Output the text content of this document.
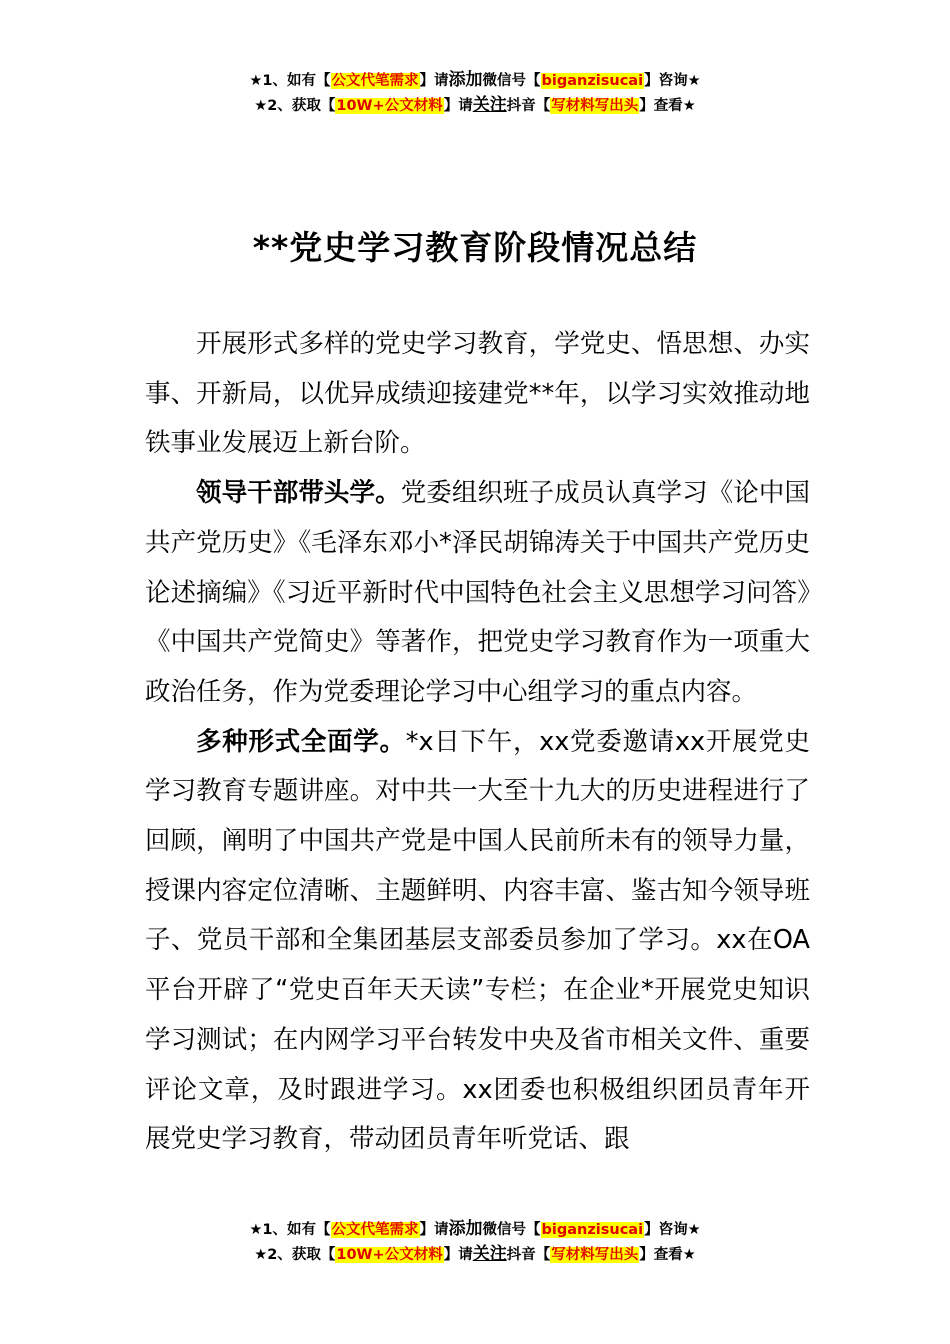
★1、如有【公文代笔需求】请添加微信号【biganzisucai】咨询★
★2、获取【10W+公文材料】请关注抖音【写材料写出头】查看★
**党史学习教育阶段情况总结

开展形式多样的党史学习教育，学党史、悟思想、办实事、开新局，以优异成绩迎接建党**年，以学习实效推动地铁事业发展迈上新台阶。

领导干部带头学。党委组织班子成员认真学习《论中国共产党历史》《毛泽东邓小*泽民胡锦涛关于中国共产党历史论述摘编》《习近平新时代中国特色社会主义思想学习问答》《中国共产党简史》等著作，把党史学习教育作为一项重大政治任务，作为党委理论学习中心组学习的重点内容。

多种形式全面学。*x日下午，xx党委邀请xx开展党史学习教育专题讲座。对中共一大至十九大的历史进程进行了回顾，阐明了中国共产党是中国人民前所未有的领导力量，授课内容定位清晰、主题鲜明、内容丰富、鉴古知今领导班子、党员干部和全集团基层支部委员参加了学习。xx在OA平台开辟了“党史百年天天读”专栏；在企业*开展党史知识学习测试；在内网学习平台转发中央及省市相关文件、重要评论文章，及时跟进学习。xx团委也积极组织团员青年开展党史学习教育，带动团员青年听党话、跟

★1、如有【公文代笔需求】请添加微信号【biganzisucai】咨询★
★2、获取【10W+公文材料】请关注抖音【写材料写出头】查看★
